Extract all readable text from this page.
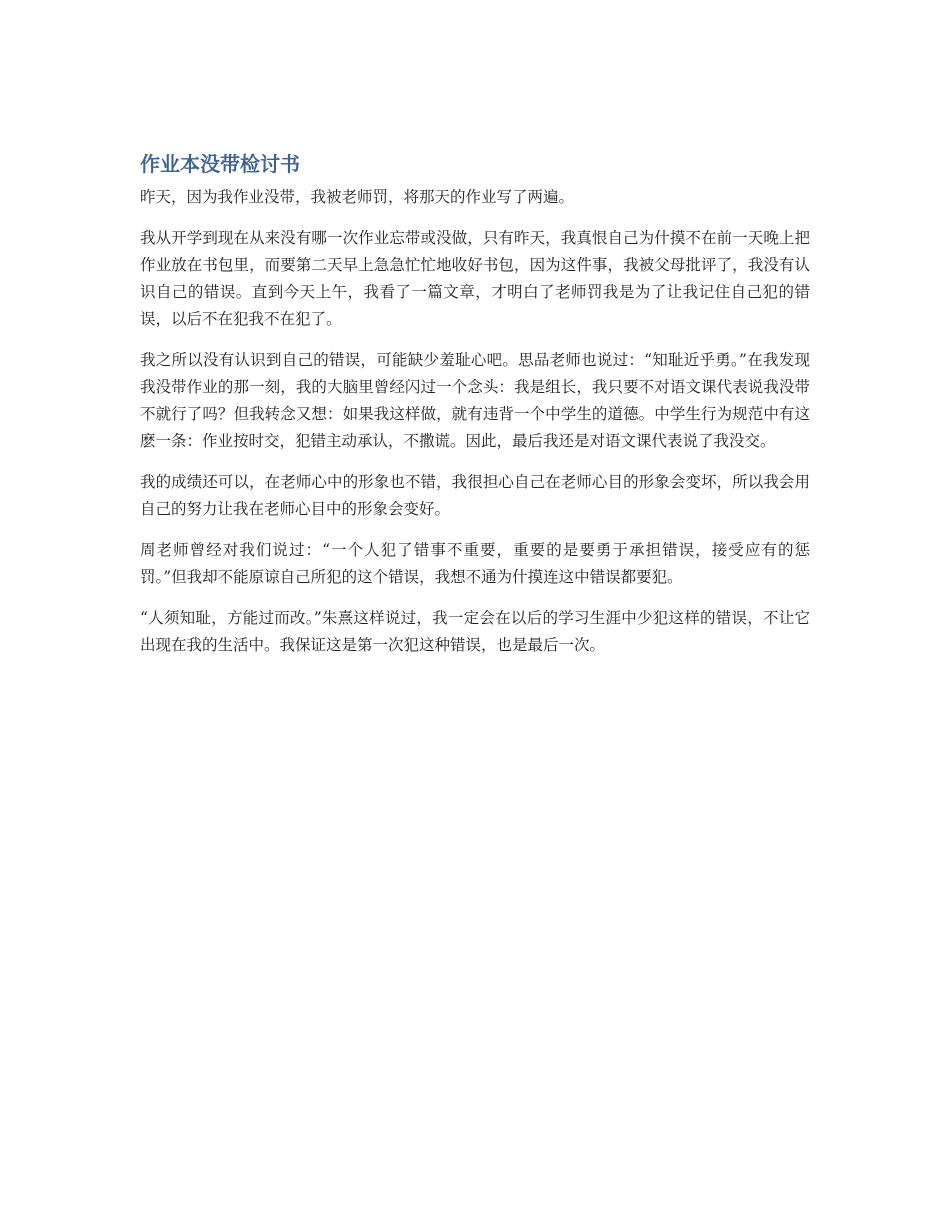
作业本没带检讨书

昨天，因为我作业没带，我被老师罚，将那天的作业写了两遍。

我从开学到现在从来没有哪一次作业忘带或没做，只有昨天，我真恨自己为什摸不在前一天晚上把作业放在书包里，而要第二天早上急急忙忙地收好书包，因为这件事，我被父母批评了，我没有认识自己的错误。直到今天上午，我看了一篇文章，才明白了老师罚我是为了让我记住自己犯的错误，以后不在犯我不在犯了。

我之所以没有认识到自己的错误，可能缺少羞耻心吧。思品老师也说过：“知耻近乎勇。”在我发现我没带作业的那一刻，我的大脑里曾经闪过一个念头：我是组长，我只要不对语文课代表说我没带不就行了吗？但我转念又想：如果我这样做，就有违背一个中学生的道德。中学生行为规范中有这麽一条：作业按时交，犯错主动承认，不撒谎。因此，最后我还是对语文课代表说了我没交。

我的成绩还可以，在老师心中的形象也不错，我很担心自己在老师心目的形象会变坏，所以我会用自己的努力让我在老师心目中的形象会变好。

周老师曾经对我们说过：“一个人犯了错事不重要，重要的是要勇于承担错误，接受应有的惩罚。”但我却不能原谅自己所犯的这个错误，我想不通为什摸连这中错误都要犯。

“人须知耻，方能过而改。”朱熹这样说过，我一定会在以后的学习生涯中少犯这样的错误，不让它出现在我的生活中。我保证这是第一次犯这种错误，也是最后一次。
